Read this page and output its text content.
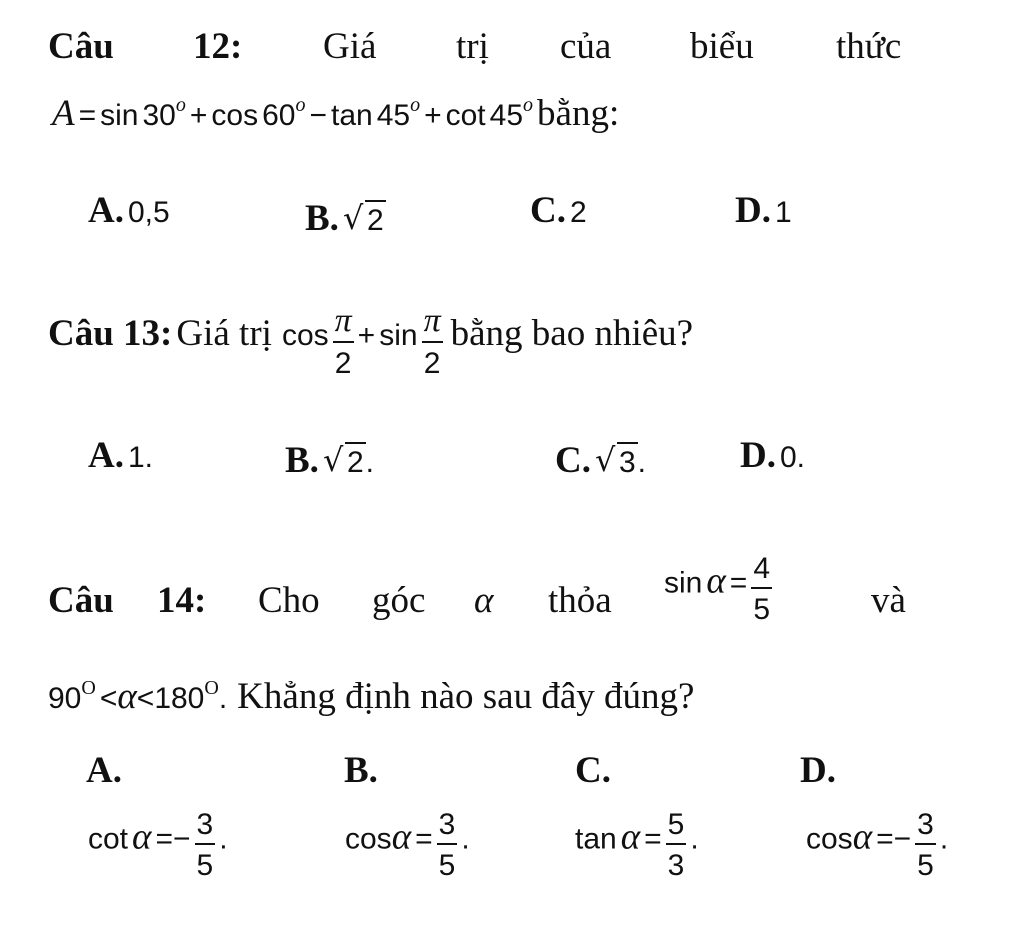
Câu 12: Giá trị của biểu thức
A = sin 30o + cos 60o − tan 45o + cot 45o bằng:
A. 0,5	B. √ 2	C. 2	D. 1
Câu 13: Giá trị $\cos \frac{\pi}{2} + \sin \frac{\pi}{2}$ bằng bao nhiêu?
A. 1.	B. √ 2.	C. √ 3.	D. 0.
Câu 14: Cho góc α thỏa $\sin \alpha = \frac{4}{5}$	và
90O <α<180O. Khẳng định nào sau đây đúng?
A.	B.	C.	D.
$\cot \alpha =- \frac{3}{5}$ .	$\cos\alpha = \frac{3}{5}$ .	$\tan \alpha = \frac{5}{3}$ .	$\cos\alpha =- \frac{3}{5}$ .
